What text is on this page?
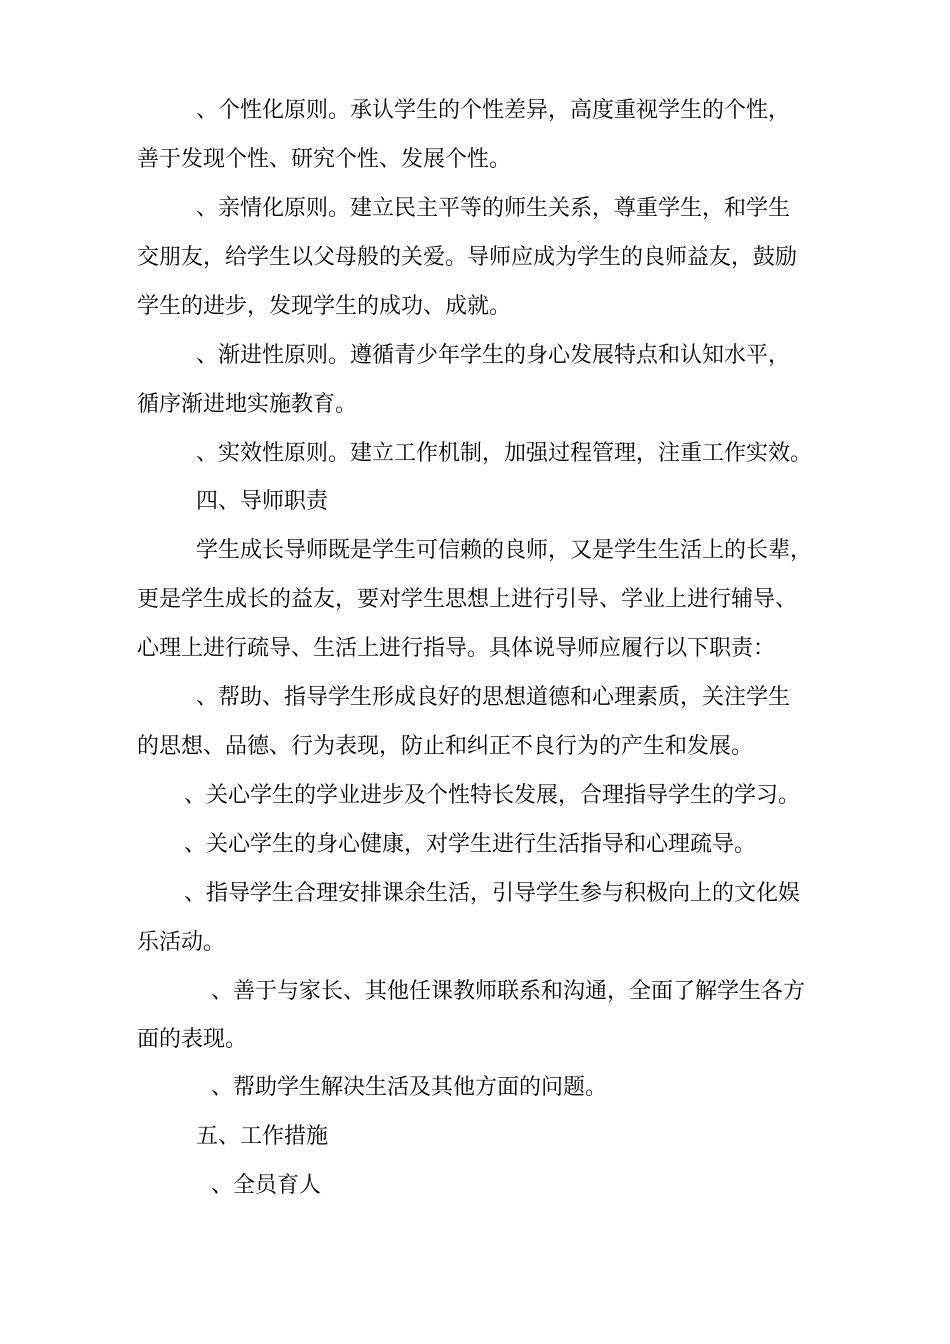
、个性化原则。承认学生的个性差异，高度重视学生的个性，
善于发现个性、研究个性、发展个性。
、亲情化原则。建立民主平等的师生关系，尊重学生，和学生
交朋友，给学生以父母般的关爱。导师应成为学生的良师益友，鼓励
学生的进步，发现学生的成功、成就。
、渐进性原则。遵循青少年学生的身心发展特点和认知水平，
循序渐进地实施教育。
、实效性原则。建立工作机制，加强过程管理，注重工作实效。
四、导师职责
学生成长导师既是学生可信赖的良师，又是学生生活上的长辈，
更是学生成长的益友，要对学生思想上进行引导、学业上进行辅导、
心理上进行疏导、生活上进行指导。具体说导师应履行以下职责：
、帮助、指导学生形成良好的思想道德和心理素质，关注学生
的思想、品德、行为表现，防止和纠正不良行为的产生和发展。
、关心学生的学业进步及个性特长发展，合理指导学生的学习。
、关心学生的身心健康，对学生进行生活指导和心理疏导。
、指导学生合理安排课余生活，引导学生参与积极向上的文化娱
乐活动。
、善于与家长、其他任课教师联系和沟通，全面了解学生各方
面的表现。
、帮助学生解决生活及其他方面的问题。
五、工作措施
、全员育人
